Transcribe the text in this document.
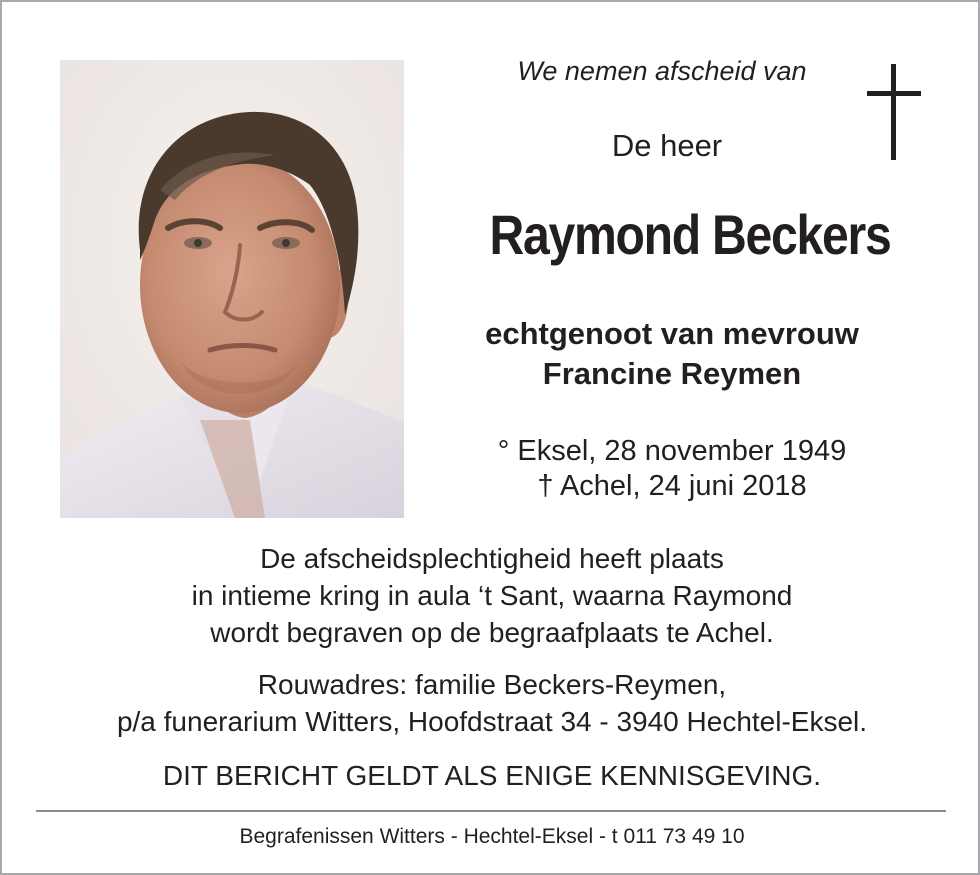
We nemen afscheid van
De heer
Raymond Beckers
echtgenoot van mevrouw
Francine Reymen
° Eksel, 28 november 1949
† Achel, 24 juni 2018
De afscheidsplechtigheid heeft plaats
in intieme kring in aula ‘t Sant, waarna Raymond
wordt begraven op de begraafplaats te Achel.
Rouwadres: familie Beckers-Reymen,
p/a funerarium Witters, Hoofdstraat 34 - 3940 Hechtel-Eksel.
DIT BERICHT GELDT ALS ENIGE KENNISGEVING.
Begrafenissen Witters - Hechtel-Eksel - t 011 73 49 10
